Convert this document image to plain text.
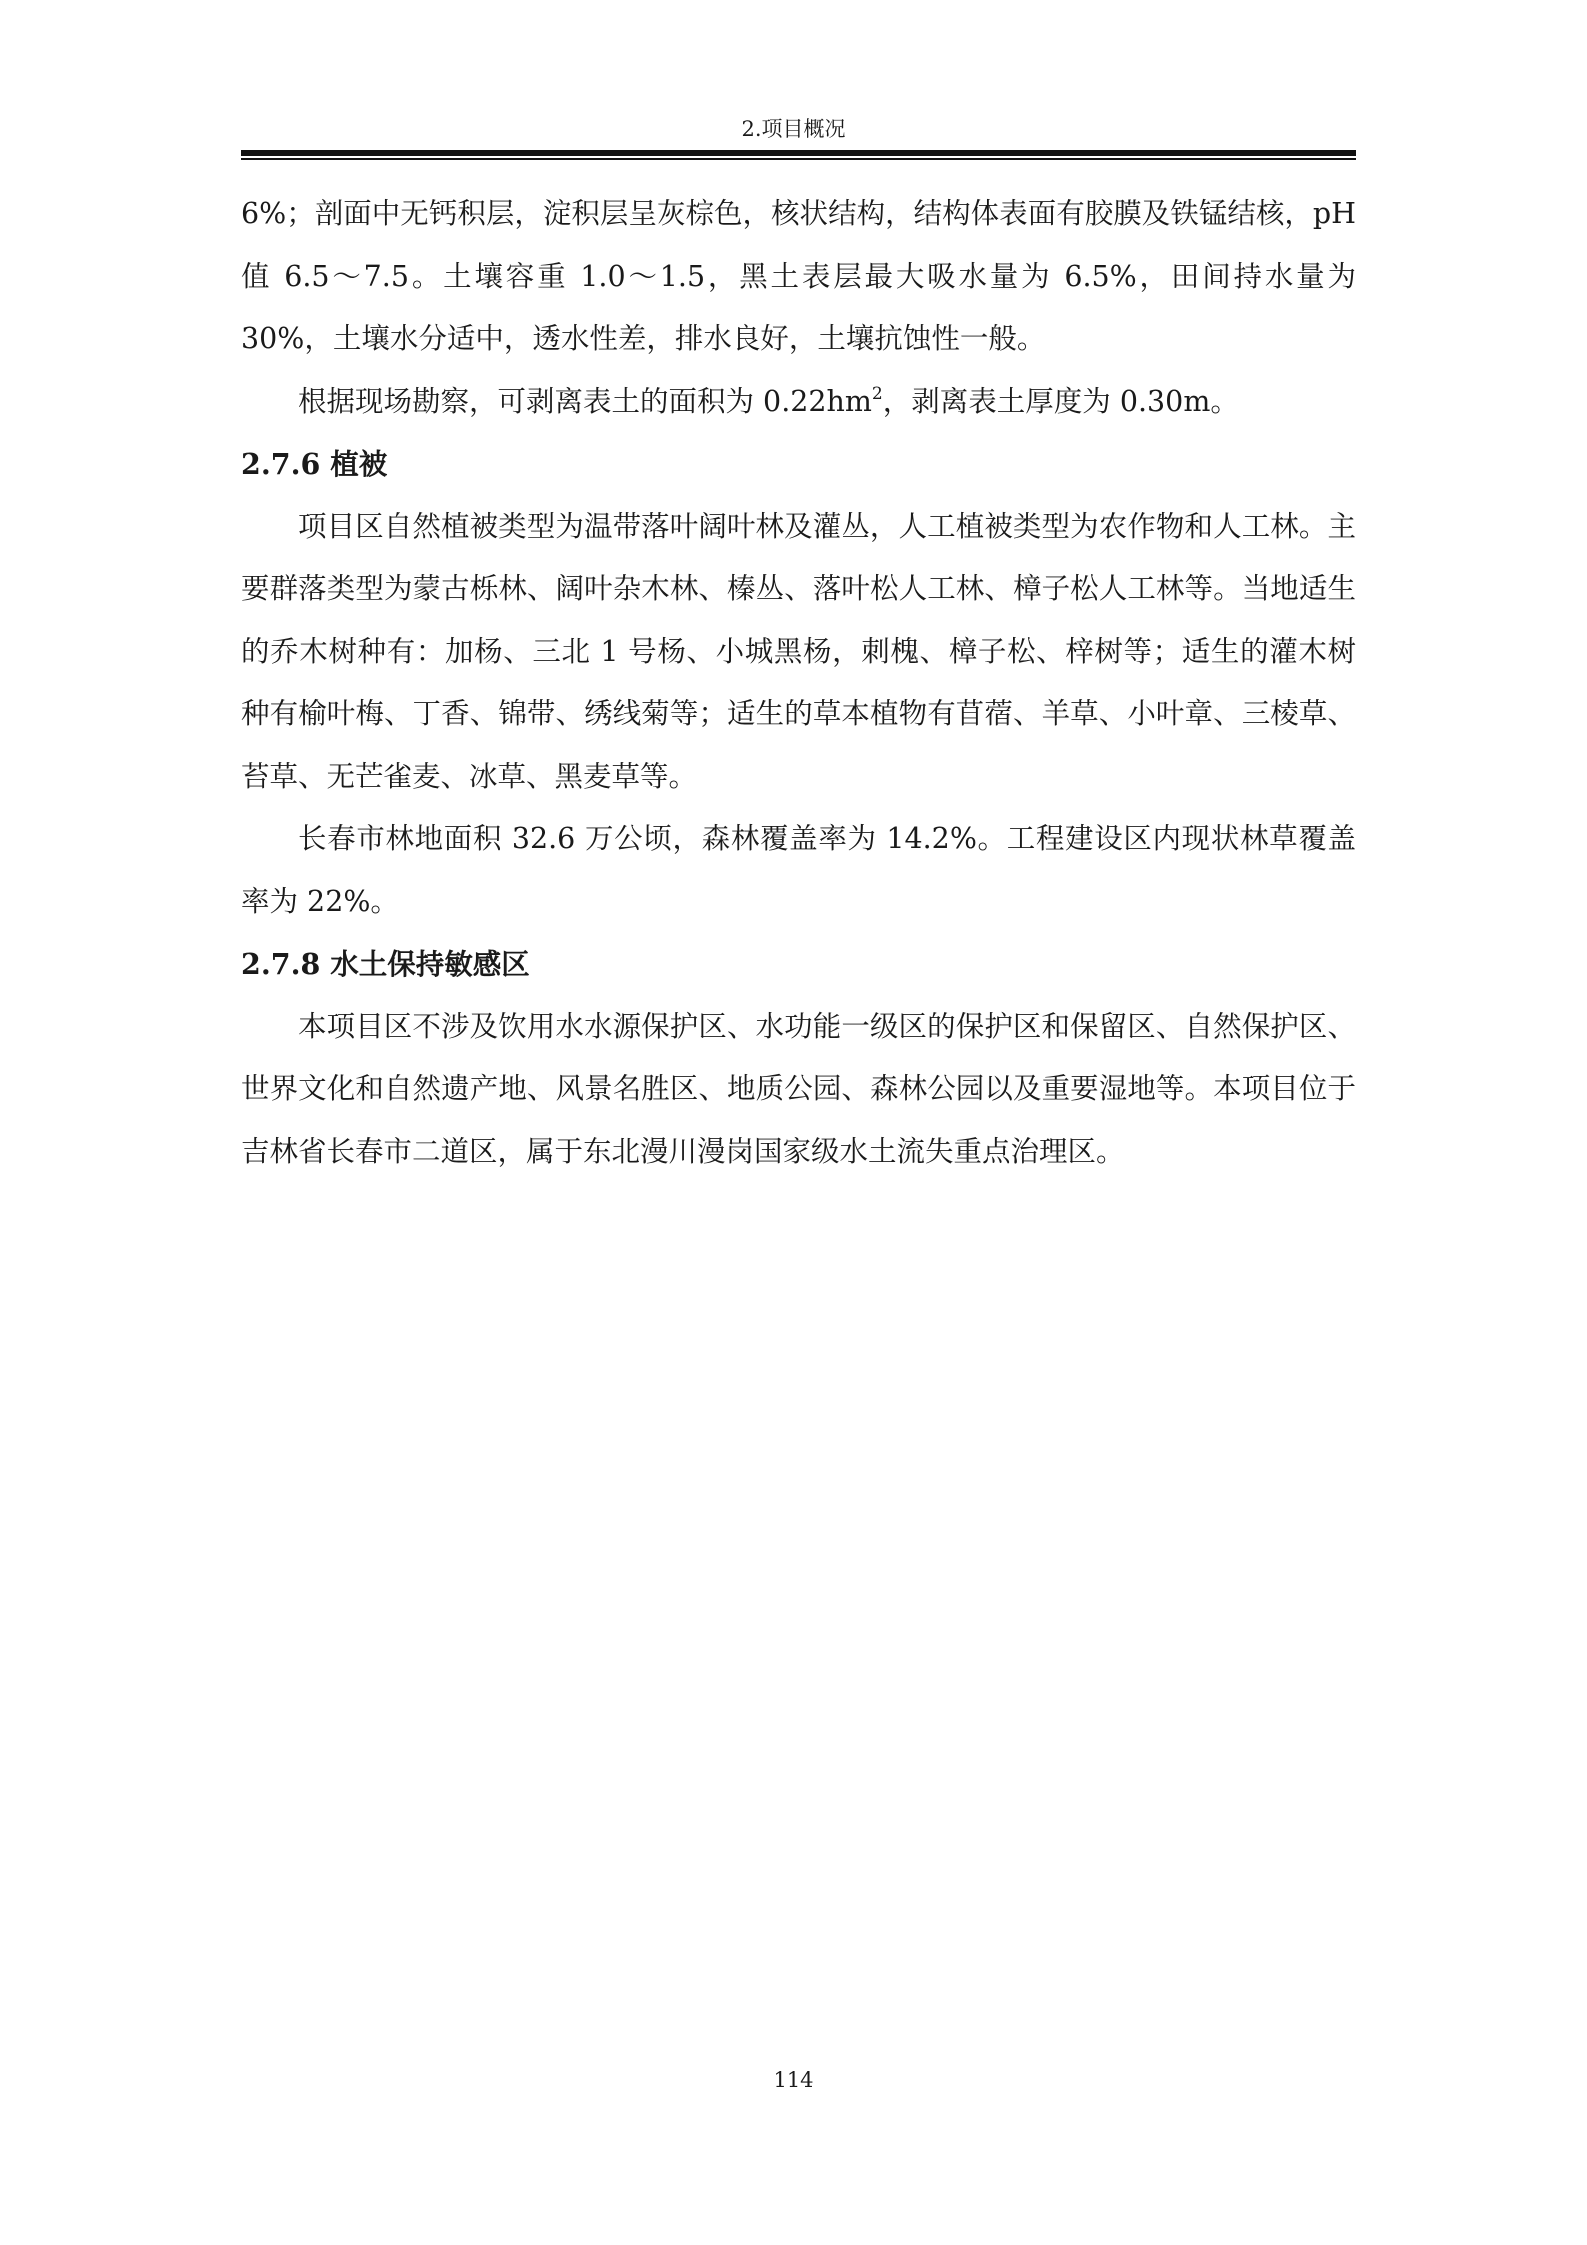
2.项目概况

6%；剖面中无钙积层，淀积层呈灰棕色，核状结构，结构体表面有胶膜及铁锰结核，pH 值 6.5～7.5。土壤容重 1.0～1.5，黑土表层最大吸水量为 6.5%，田间持水量为 30%，土壤水分适中，透水性差，排水良好，土壤抗蚀性一般。

根据现场勘察，可剥离表土的面积为 $0.22hm^2$，剥离表土厚度为 0.30m。

2.7.6 植被

项目区自然植被类型为温带落叶阔叶林及灌丛，人工植被类型为农作物和人工林。主要群落类型为蒙古栎林、阔叶杂木林、榛丛、落叶松人工林、樟子松人工林等。当地适生的乔木树种有：加杨、三北 1 号杨、小城黑杨，刺槐、樟子松、梓树等；适生的灌木树种有榆叶梅、丁香、锦带、绣线菊等；适生的草本植物有苜蓿、羊草、小叶章、三棱草、苔草、无芒雀麦、冰草、黑麦草等。

长春市林地面积 32.6 万公顷，森林覆盖率为 14.2%。工程建设区内现状林草覆盖率为 22%。

2.7.8 水土保持敏感区

本项目区不涉及饮用水水源保护区、水功能一级区的保护区和保留区、自然保护区、世界文化和自然遗产地、风景名胜区、地质公园、森林公园以及重要湿地等。本项目位于吉林省长春市二道区，属于东北漫川漫岗国家级水土流失重点治理区。

114
